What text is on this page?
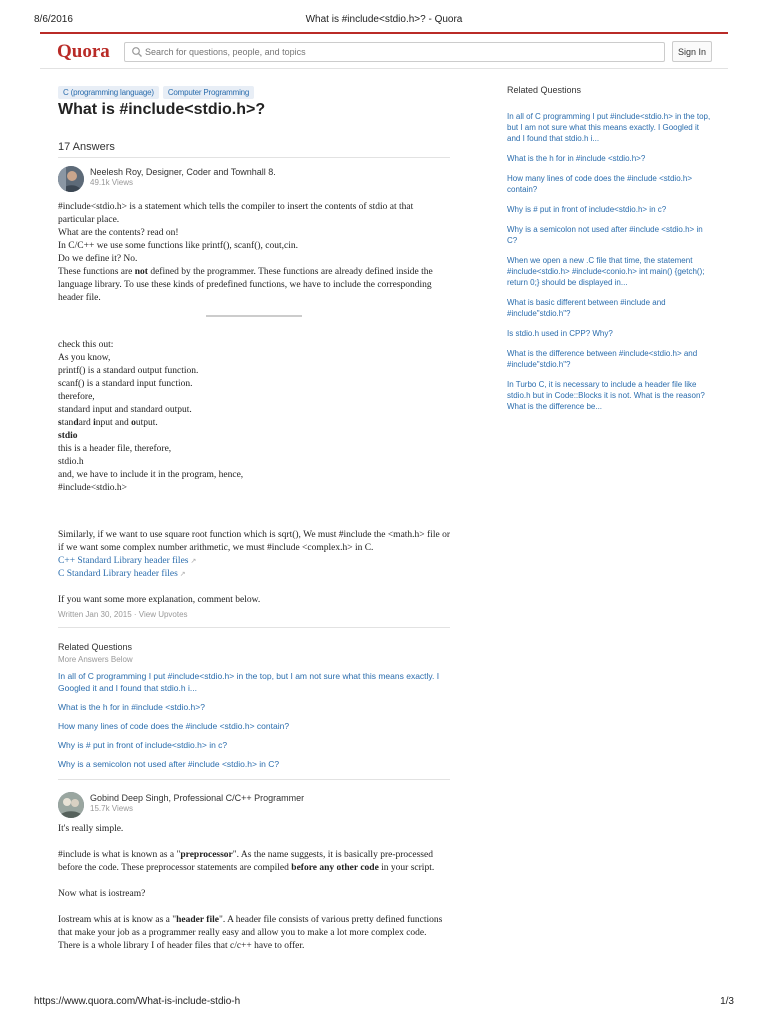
8/6/2016	What is #include<stdio.h>? - Quora
Quora
Search for questions, people, and topics	Sign In
C (programming language) Computer Programming
What is #include<stdio.h>?
17 Answers
Neelesh Roy, Designer, Coder and Townhall 8.
49.1k Views

#include<stdio.h> is a statement which tells the compiler to insert the contents of stdio at that particular place.

What are the contents? read on!

In C/C++ we use some functions like printf(), scanf(), cout,cin.

Do we define it? No.

These functions are not defined by the programmer. These functions are already defined inside the language library. To use these kinds of predefined functions, we have to include the corresponding header file.

check this out:

As you know,

printf() is a standard output function.

scanf() is a standard input function.

therefore,

standard input and standard output.

standard input and output.

stdio

this is a header file, therefore,

stdio.h

and, we have to include it in the program, hence,

#include<stdio.h>

Similarly, if we want to use square root function which is sqrt(), We must #include the <math.h> file or if we want some complex number arithmetic, we must #include <complex.h> in C.

C++ Standard Library header files ↗

C Standard Library header files ↗

If you want some more explanation, comment below.

Written Jan 30, 2015 · View Upvotes
Related Questions
More Answers Below
In all of C programming I put #include<stdio.h> in the top, but I am not sure what this means exactly. I Googled it and I found that stdio.h i...
What is the h for in #include <stdio.h>?
How many lines of code does the #include <stdio.h> contain?
Why is # put in front of include<stdio.h> in c?
Why is a semicolon not used after #include <stdio.h> in C?
Gobind Deep Singh, Professional C/C++ Programmer
15.7k Views

It's really simple.

#include is what is known as a "preprocessor". As the name suggests, it is basically pre-processed before the code. These preprocessor statements are compiled before any other code in your script.

Now what is iostream?

Iostream whis at is know as a "header file". A header file consists of various pretty defined functions that make your job as a programmer really easy and allow you to make a lot more complex code. There is a whole library I of header files that c/c++ have to offer.

Related Questions
In all of C programming I put #include<stdio.h> in the top, but I am not sure what this means exactly. I Googled it and I found that stdio.h i...
What is the h for in #include <stdio.h>?
How many lines of code does the #include <stdio.h> contain?
Why is # put in front of include<stdio.h> in c?
Why is a semicolon not used after #include <stdio.h> in C?
When we open a new .C file that time, the statement #include<stdio.h> #include<conio.h> int main() {getch(); return 0;} should be displayed in...
What is basic different between #include and #include"stdio.h"?
Is stdio.h used in CPP? Why?
What is the difference between #include<stdio.h> and #include"stdio.h"?
In Turbo C, it is necessary to include a header file like stdio.h but in Code::Blocks it is not. What is the reason? What is the difference be...
https://www.quora.com/What-is-include-stdio-h	1/3
